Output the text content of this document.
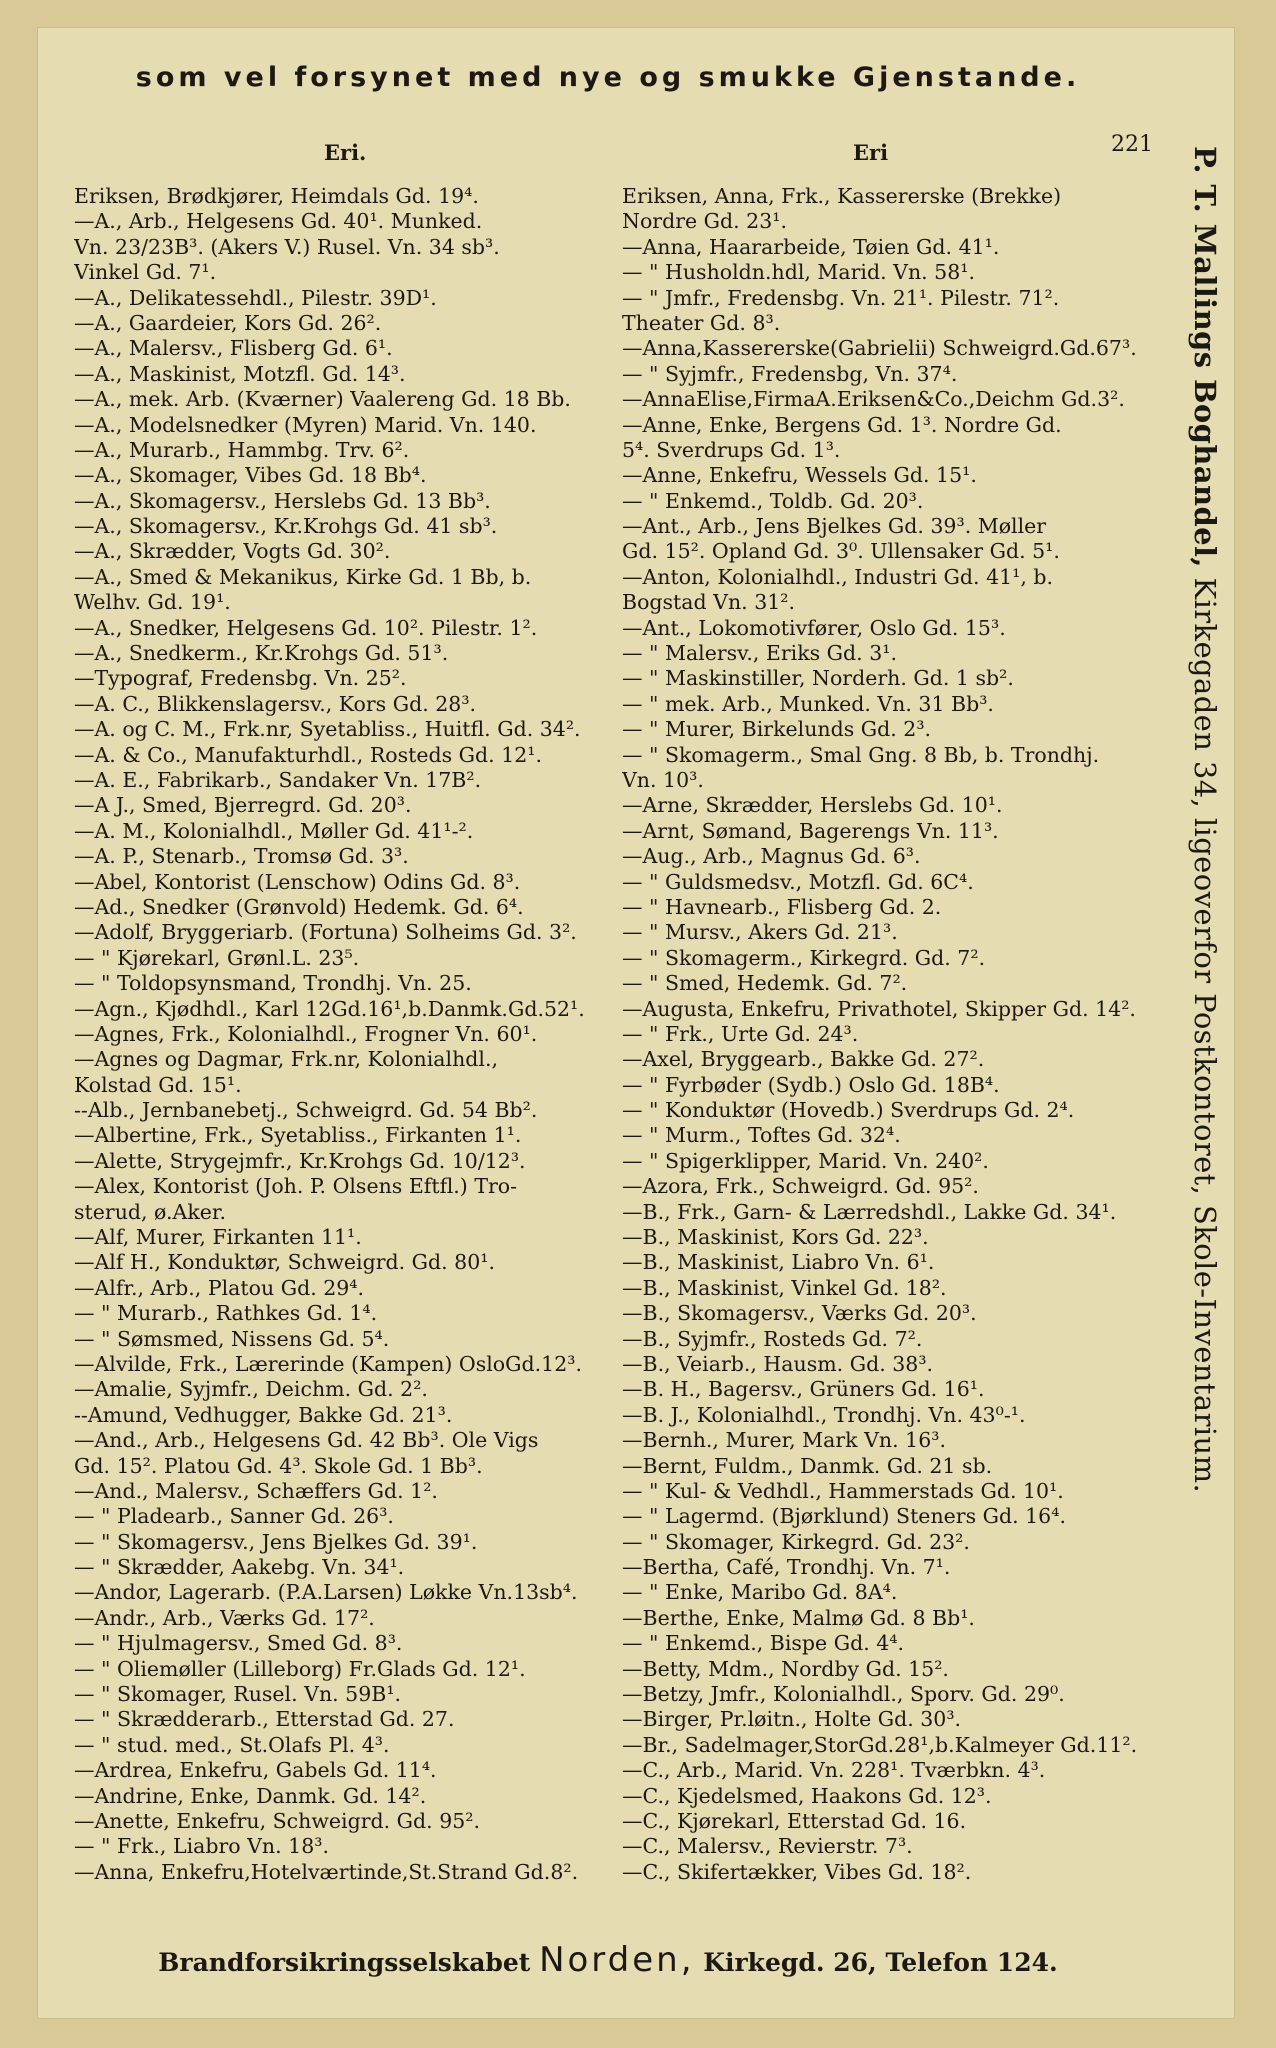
som vel forsynet med nye og smukke Gjenstande.
Eri.	Eri	221
Eriksen, Brødkjører, Heimdals Gd. 19⁴.
—A., Arb., Helgesens Gd. 40¹. Munked.
Vn. 23/23B³. (Akers V.) Rusel. Vn. 34 sb³.
Vinkel Gd. 7¹.
—A., Delikatessehdl., Pilestr. 39D¹.
—A., Gaardeier, Kors Gd. 26².
—A., Malersv., Flisberg Gd. 6¹.
—A., Maskinist, Motzfl. Gd. 14³.
—A., mek. Arb. (Kværner) Vaalereng Gd. 18 Bb.
—A., Modelsnedker (Myren) Marid. Vn. 140.
—A., Murarb., Hammbg. Trv. 6².
—A., Skomager, Vibes Gd. 18 Bb⁴.
—A., Skomagersv., Herslebs Gd. 13 Bb³.
—A., Skomagersv., Kr.Krohgs Gd. 41 sb³.
—A., Skrædder, Vogts Gd. 30².
—A., Smed & Mekanikus, Kirke Gd. 1 Bb, b.
Welhv. Gd. 19¹.
—A., Snedker, Helgesens Gd. 10². Pilestr. 1².
—A., Snedkerm., Kr.Krohgs Gd. 51³.
—Typograf, Fredensbg. Vn. 25².
—A. C., Blikkenslagersv., Kors Gd. 28³.
—A. og C. M., Frk.nr, Syetabliss., Huitfl. Gd. 34².
—A. & Co., Manufakturhdl., Rosteds Gd. 12¹.
—A. E., Fabrikarb., Sandaker Vn. 17B².
—A J., Smed, Bjerregrd. Gd. 20³.
—A. M., Kolonialhdl., Møller Gd. 41¹-².
—A. P., Stenarb., Tromsø Gd. 3³.
—Abel, Kontorist (Lenschow) Odins Gd. 8³.
—Ad., Snedker (Grønvold) Hedemk. Gd. 6⁴.
—Adolf, Bryggeriarb. (Fortuna) Solheims Gd. 3².
— " Kjørekarl, Grønl.L. 23⁵.
— " Toldopsynsmand, Trondhj. Vn. 25.
—Agn., Kjødhdl., Karl 12Gd.16¹,b.Danmk.Gd.52¹.
—Agnes, Frk., Kolonialhdl., Frogner Vn. 60¹.
—Agnes og Dagmar, Frk.nr, Kolonialhdl.,
Kolstad Gd. 15¹.
--Alb., Jernbanebetj., Schweigrd. Gd. 54 Bb².
—Albertine, Frk., Syetabliss., Firkanten 1¹.
—Alette, Strygejmfr., Kr.Krohgs Gd. 10/12³.
—Alex, Kontorist (Joh. P. Olsens Eftfl.) Tro-
sterud, ø.Aker.
—Alf, Murer, Firkanten 11¹.
—Alf H., Konduktør, Schweigrd. Gd. 80¹.
—Alfr., Arb., Platou Gd. 29⁴.
— " Murarb., Rathkes Gd. 1⁴.
— " Sømsmed, Nissens Gd. 5⁴.
—Alvilde, Frk., Lærerinde (Kampen) OsloGd.12³.
—Amalie, Syjmfr., Deichm. Gd. 2².
--Amund, Vedhugger, Bakke Gd. 21³.
—And., Arb., Helgesens Gd. 42 Bb³. Ole Vigs
Gd. 15². Platou Gd. 4³. Skole Gd. 1 Bb³.
—And., Malersv., Schæffers Gd. 1².
— " Pladearb., Sanner Gd. 26³.
— " Skomagersv., Jens Bjelkes Gd. 39¹.
— " Skrædder, Aakebg. Vn. 34¹.
—Andor, Lagerarb. (P.A.Larsen) Løkke Vn.13sb⁴.
—Andr., Arb., Værks Gd. 17².
— " Hjulmagersv., Smed Gd. 8³.
— " Oliemøller (Lilleborg) Fr.Glads Gd. 12¹.
— " Skomager, Rusel. Vn. 59B¹.
— " Skrædderarb., Etterstad Gd. 27.
— " stud. med., St.Olafs Pl. 4³.
—Ardrea, Enkefru, Gabels Gd. 11⁴.
—Andrine, Enke, Danmk. Gd. 14².
—Anette, Enkefru, Schweigrd. Gd. 95².
— " Frk., Liabro Vn. 18³.
—Anna, Enkefru,Hotelværtinde,St.Strand Gd.8².
Eriksen, Anna, Frk., Kassererske (Brekke)
Nordre Gd. 23¹.
—Anna, Haararbeide, Tøien Gd. 41¹.
— " Husholdn.hdl, Marid. Vn. 58¹.
— " Jmfr., Fredensbg. Vn. 21¹. Pilestr. 71².
Theater Gd. 8³.
—Anna,Kassererske(Gabrielii) Schweigrd.Gd.67³.
— " Syjmfr., Fredensbg, Vn. 37⁴.
—AnnaElise,FirmaA.Eriksen&Co.,Deichm Gd.3².
—Anne, Enke, Bergens Gd. 1³. Nordre Gd.
5⁴. Sverdrups Gd. 1³.
—Anne, Enkefru, Wessels Gd. 15¹.
— " Enkemd., Toldb. Gd. 20³.
—Ant., Arb., Jens Bjelkes Gd. 39³. Møller
Gd. 15². Opland Gd. 3⁰. Ullensaker Gd. 5¹.
—Anton, Kolonialhdl., Industri Gd. 41¹, b.
Bogstad Vn. 31².
—Ant., Lokomotivfører, Oslo Gd. 15³.
— " Malersv., Eriks Gd. 3¹.
— " Maskinstiller, Norderh. Gd. 1 sb².
— " mek. Arb., Munked. Vn. 31 Bb³.
— " Murer, Birkelunds Gd. 2³.
— " Skomagerm., Smal Gng. 8 Bb, b. Trondhj.
Vn. 10³.
—Arne, Skrædder, Herslebs Gd. 10¹.
—Arnt, Sømand, Bagerengs Vn. 11³.
—Aug., Arb., Magnus Gd. 6³.
— " Guldsmedsv., Motzfl. Gd. 6C⁴.
— " Havnearb., Flisberg Gd. 2.
— " Mursv., Akers Gd. 21³.
— " Skomagerm., Kirkegrd. Gd. 7².
— " Smed, Hedemk. Gd. 7².
—Augusta, Enkefru, Privathotel, Skipper Gd. 14².
— " Frk., Urte Gd. 24³.
—Axel, Bryggearb., Bakke Gd. 27².
— " Fyrbøder (Sydb.) Oslo Gd. 18B⁴.
— " Konduktør (Hovedb.) Sverdrups Gd. 2⁴.
— " Murm., Toftes Gd. 32⁴.
— " Spigerklipper, Marid. Vn. 240².
—Azora, Frk., Schweigrd. Gd. 95².
—B., Frk., Garn- & Lærredshdl., Lakke Gd. 34¹.
—B., Maskinist, Kors Gd. 22³.
—B., Maskinist, Liabro Vn. 6¹.
—B., Maskinist, Vinkel Gd. 18².
—B., Skomagersv., Værks Gd. 20³.
—B., Syjmfr., Rosteds Gd. 7².
—B., Veiarb., Hausm. Gd. 38³.
—B. H., Bagersv., Grüners Gd. 16¹.
—B. J., Kolonialhdl., Trondhj. Vn. 43⁰-¹.
—Bernh., Murer, Mark Vn. 16³.
—Bernt, Fuldm., Danmk. Gd. 21 sb.
— " Kul- & Vedhdl., Hammerstads Gd. 10¹.
— " Lagermd. (Bjørklund) Steners Gd. 16⁴.
— " Skomager, Kirkegrd. Gd. 23².
—Bertha, Café, Trondhj. Vn. 7¹.
— " Enke, Maribo Gd. 8A⁴.
—Berthe, Enke, Malmø Gd. 8 Bb¹.
— " Enkemd., Bispe Gd. 4⁴.
—Betty, Mdm., Nordby Gd. 15².
—Betzy, Jmfr., Kolonialhdl., Sporv. Gd. 29⁰.
—Birger, Pr.løitn., Holte Gd. 30³.
—Br., Sadelmager,StorGd.28¹,b.Kalmeyer Gd.11².
—C., Arb., Marid. Vn. 228¹. Tværbkn. 4³.
—C., Kjedelsmed, Haakons Gd. 12³.
—C., Kjørekarl, Etterstad Gd. 16.
—C., Malersv., Revierstr. 7³.
—C., Skifertækker, Vibes Gd. 18².
P. T. Mallings Boghandel, Kirkegaden 34, ligeoverfor Postkontoret, Skole-Inventarium.
Brandforsikringsselskabet Norden, Kirkegd. 26, Telefon 124.
